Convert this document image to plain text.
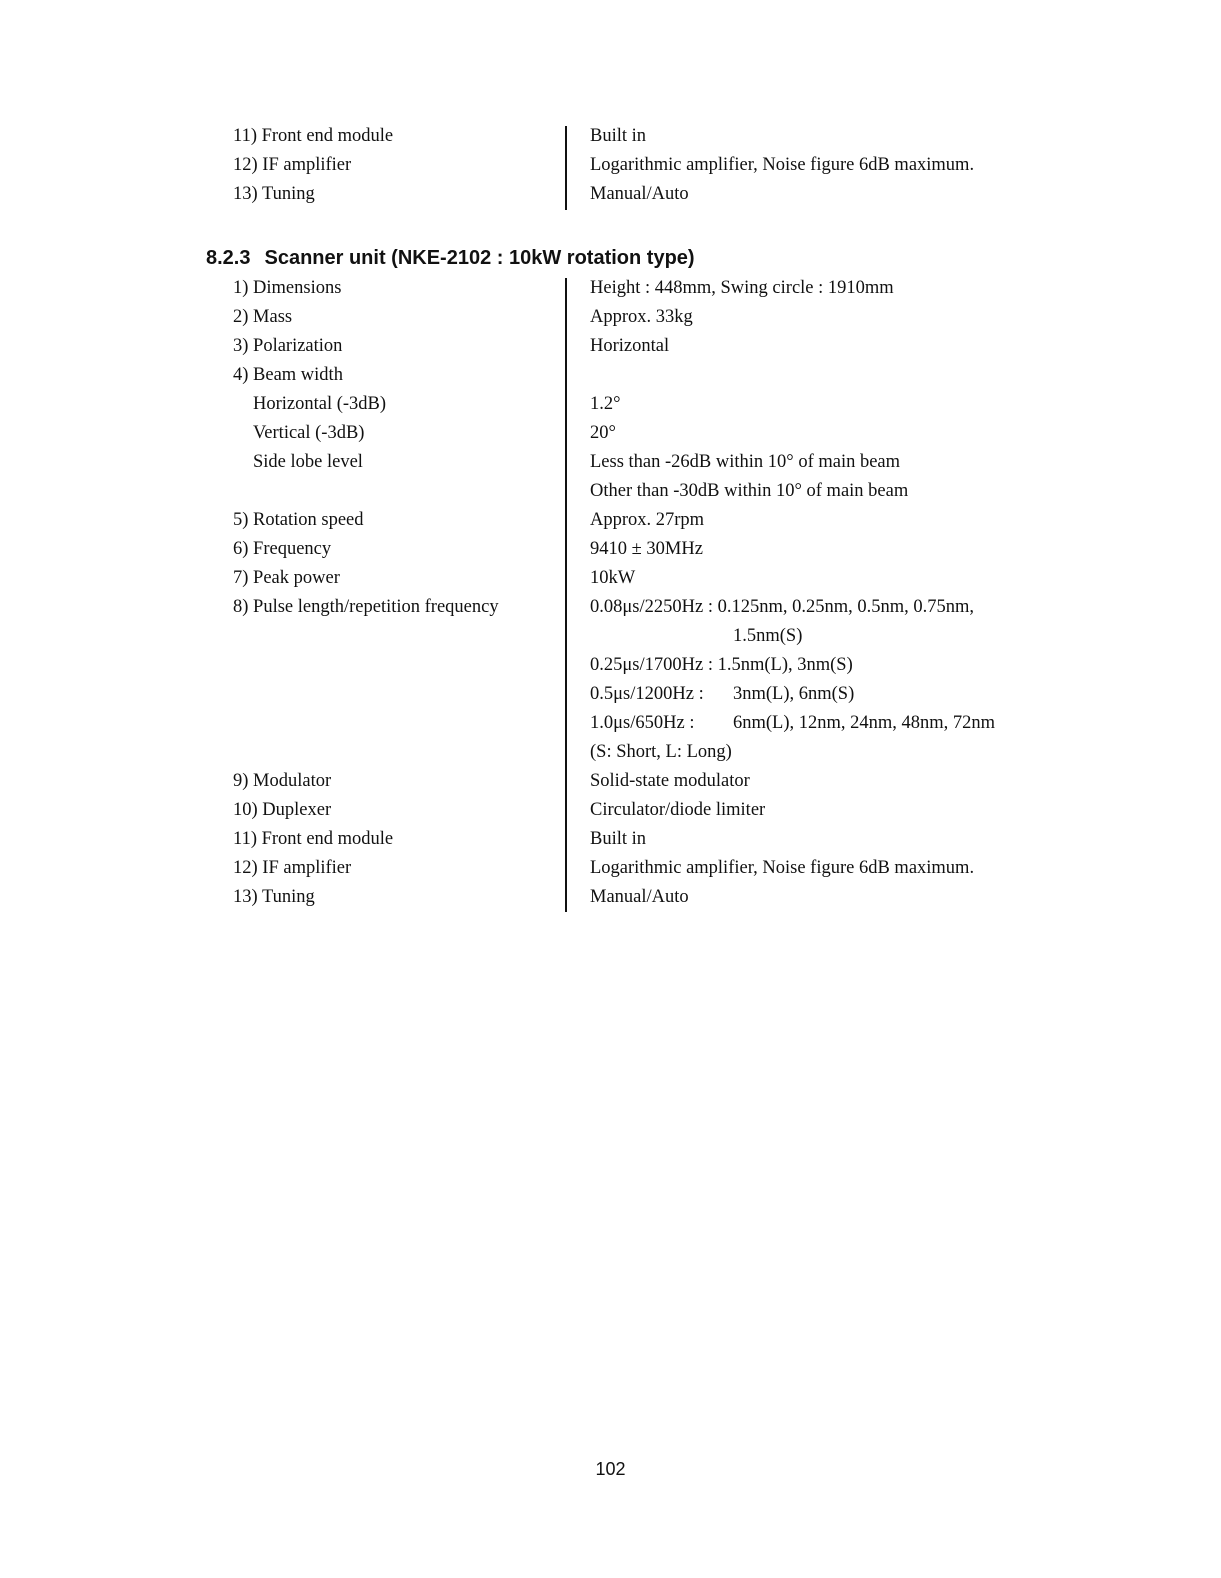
11) Front end module	Built in
12) IF amplifier	Logarithmic amplifier, Noise figure 6dB maximum.
13) Tuning	Manual/Auto
8.2.3 Scanner unit (NKE-2102 : 10kW rotation type)
1) Dimensions	Height : 448mm, Swing circle : 1910mm
2) Mass	Approx. 33kg
3) Polarization	Horizontal
4) Beam width
Horizontal (-3dB)	1.2°
Vertical (-3dB)	20°
Side lobe level	Less than -26dB within 10° of main beam
Other than -30dB within 10° of main beam
5) Rotation speed	Approx. 27rpm
6) Frequency	9410 ± 30MHz
7) Peak power	10kW
8) Pulse length/repetition frequency	0.08μs/2250Hz : 0.125nm, 0.25nm, 0.5nm, 0.75nm,
1.5nm(S)
0.25μs/1700Hz : 1.5nm(L), 3nm(S)
0.5μs/1200Hz : 3nm(L), 6nm(S)
1.0μs/650Hz : 6nm(L), 12nm, 24nm, 48nm, 72nm
(S: Short, L: Long)
9) Modulator	Solid-state modulator
10) Duplexer	Circulator/diode limiter
11) Front end module	Built in
12) IF amplifier	Logarithmic amplifier, Noise figure 6dB maximum.
13) Tuning	Manual/Auto
102
